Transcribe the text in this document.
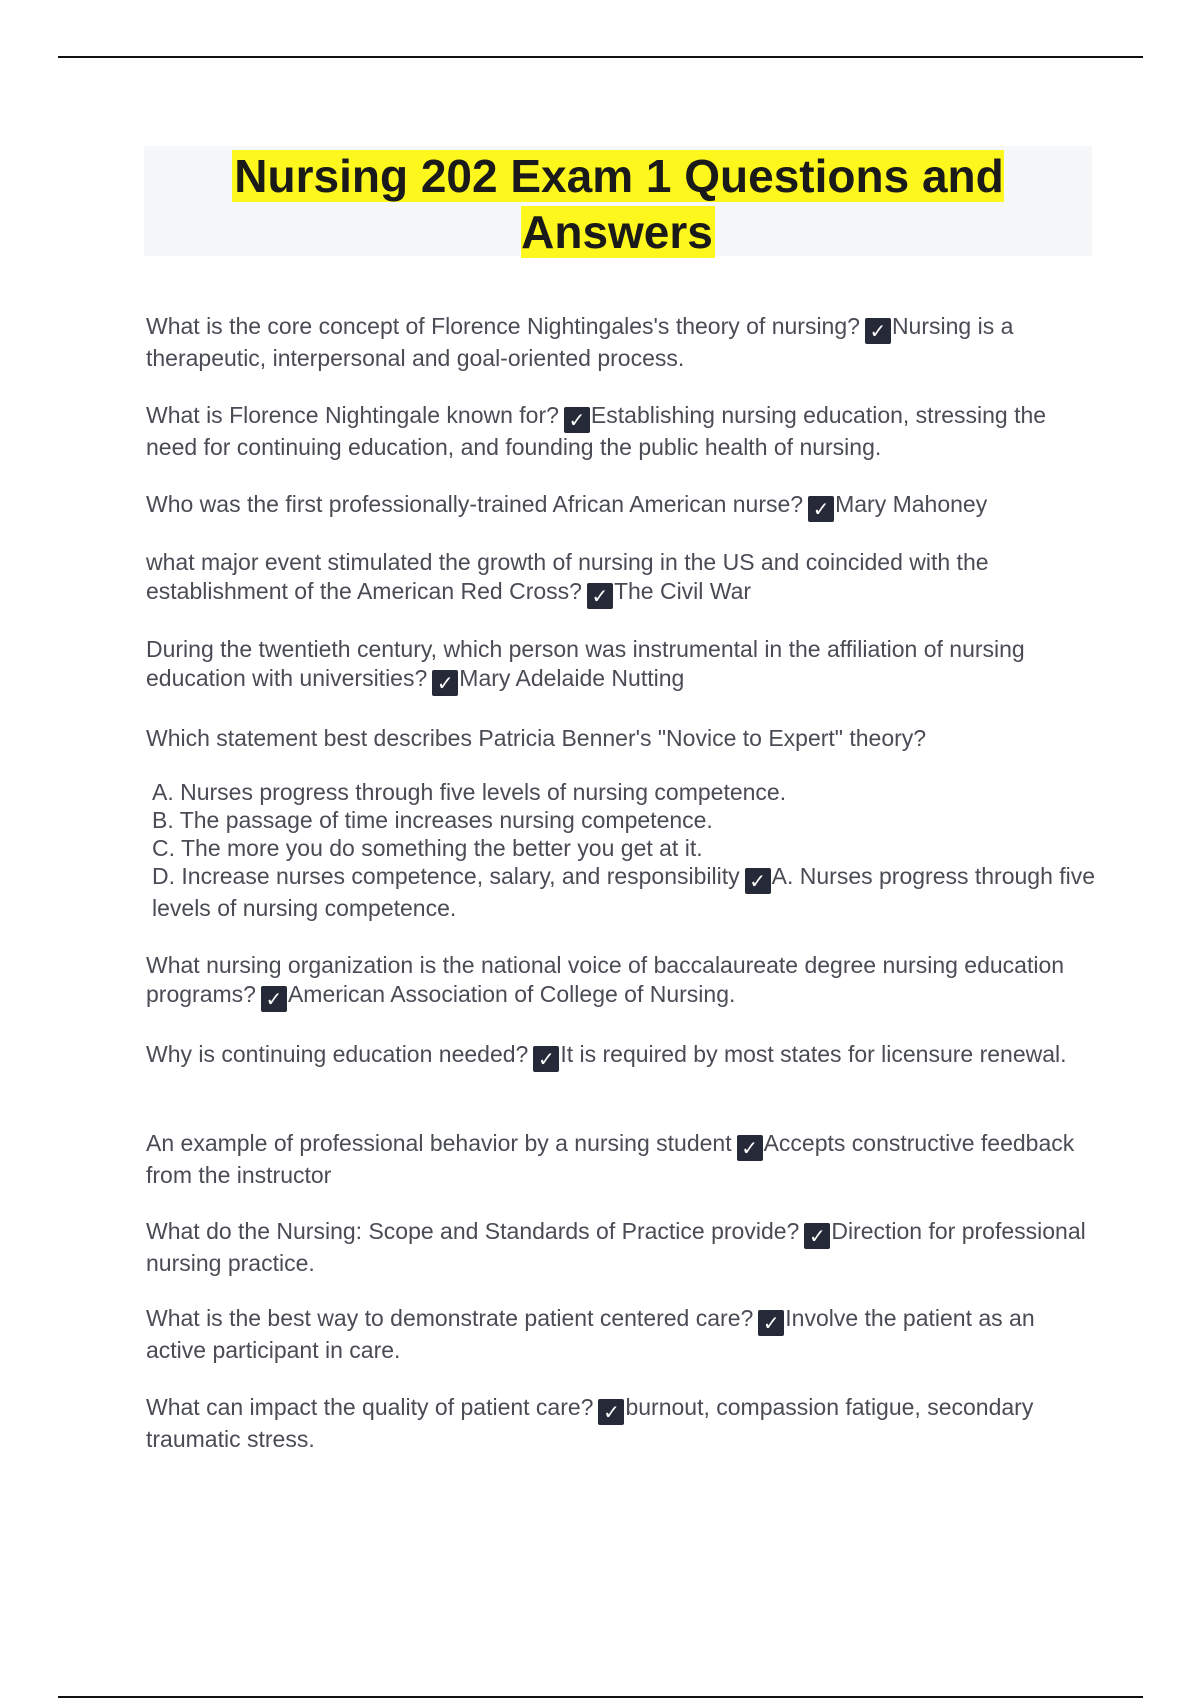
Nursing 202 Exam 1 Questions and Answers

What is the core concept of Florence Nightingales's theory of nursing? ✓ Nursing is a therapeutic, interpersonal and goal-oriented process.

What is Florence Nightingale known for? ✓ Establishing nursing education, stressing the need for continuing education, and founding the public health of nursing.

Who was the first professionally-trained African American nurse? ✓ Mary Mahoney

what major event stimulated the growth of nursing in the US and coincided with the establishment of the American Red Cross? ✓ The Civil War

During the twentieth century, which person was instrumental in the affiliation of nursing education with universities? ✓ Mary Adelaide Nutting

Which statement best describes Patricia Benner's "Novice to Expert" theory?

A. Nurses progress through five levels of nursing competence.
B. The passage of time increases nursing competence.
C. The more you do something the better you get at it.
D. Increase nurses competence, salary, and responsibility ✓ A. Nurses progress through five levels of nursing competence.

What nursing organization is the national voice of baccalaureate degree nursing education programs? ✓ American Association of College of Nursing.

Why is continuing education needed? ✓ It is required by most states for licensure renewal.

An example of professional behavior by a nursing student ✓ Accepts constructive feedback from the instructor

What do the Nursing: Scope and Standards of Practice provide? ✓ Direction for professional nursing practice.

What is the best way to demonstrate patient centered care? ✓ Involve the patient as an active participant in care.

What can impact the quality of patient care? ✓ burnout, compassion fatigue, secondary traumatic stress.
